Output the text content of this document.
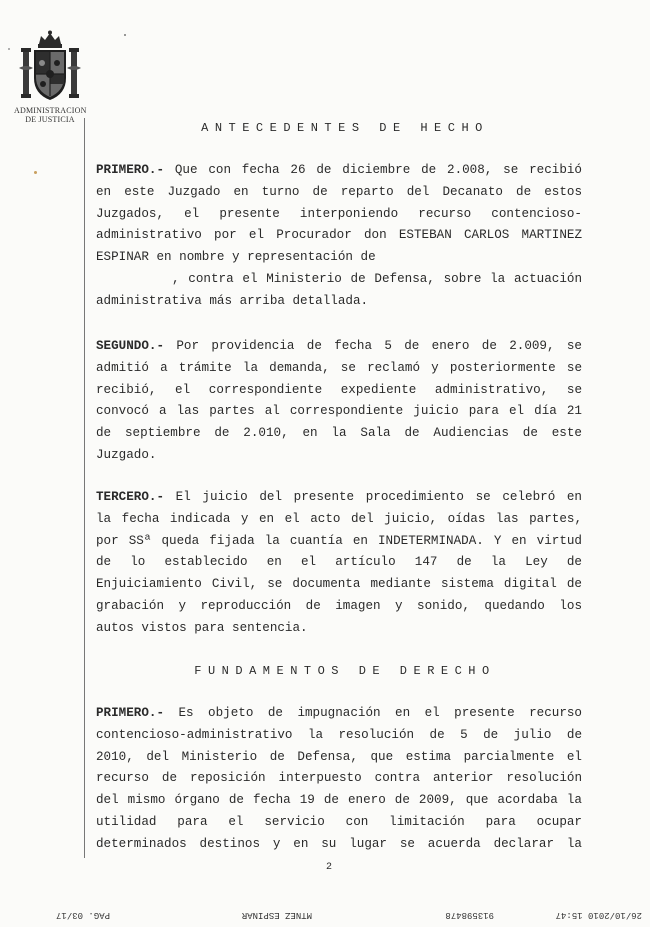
ADMINISTRACION
DE JUSTICIA
ANTECEDENTES DE HECHO

PRIMERO.- Que con fecha 26 de diciembre de 2.008, se recibió
en este Juzgado en turno de reparto del Decanato de estos
Juzgados, el presente interponiendo recurso contencioso-
administrativo por el Procurador don ESTEBAN CARLOS MARTINEZ
ESPINAR en nombre y representación de
, contra el Ministerio de Defensa, sobre la actuación
administrativa más arriba detallada.

SEGUNDO.- Por providencia de fecha 5 de enero de 2.009, se
admitió a trámite la demanda, se reclamó y posteriormente se
recibió, el correspondiente expediente administrativo, se
convocó a las partes al correspondiente juicio para el día 21
de septiembre de 2.010, en la Sala de Audiencias de este
Juzgado.

TERCERO.- El juicio del presente procedimiento se celebró en
la fecha indicada y en el acto del juicio, oídas las partes,
por SSª queda fijada la cuantía en INDETERMINADA. Y en virtud
de lo establecido en el artículo 147 de la Ley de
Enjuiciamiento Civil, se documenta mediante sistema digital de
grabación y reproducción de imagen y sonido, quedando los
autos vistos para sentencia.

FUNDAMENTOS DE DERECHO

PRIMERO.- Es objeto de impugnación en el presente recurso
contencioso-administrativo la resolución de 5 de julio de
2010, del Ministerio de Defensa, que estima parcialmente el
recurso de reposición interpuesto contra anterior resolución
del mismo órgano de fecha 19 de enero de 2009, que acordaba la
utilidad para el servicio con limitación para ocupar
determinados destinos y en su lugar se acuerda declarar la

2
26/10/2010 15:47
913598478
MTNEZ ESPINAR
PAG. 03/17
